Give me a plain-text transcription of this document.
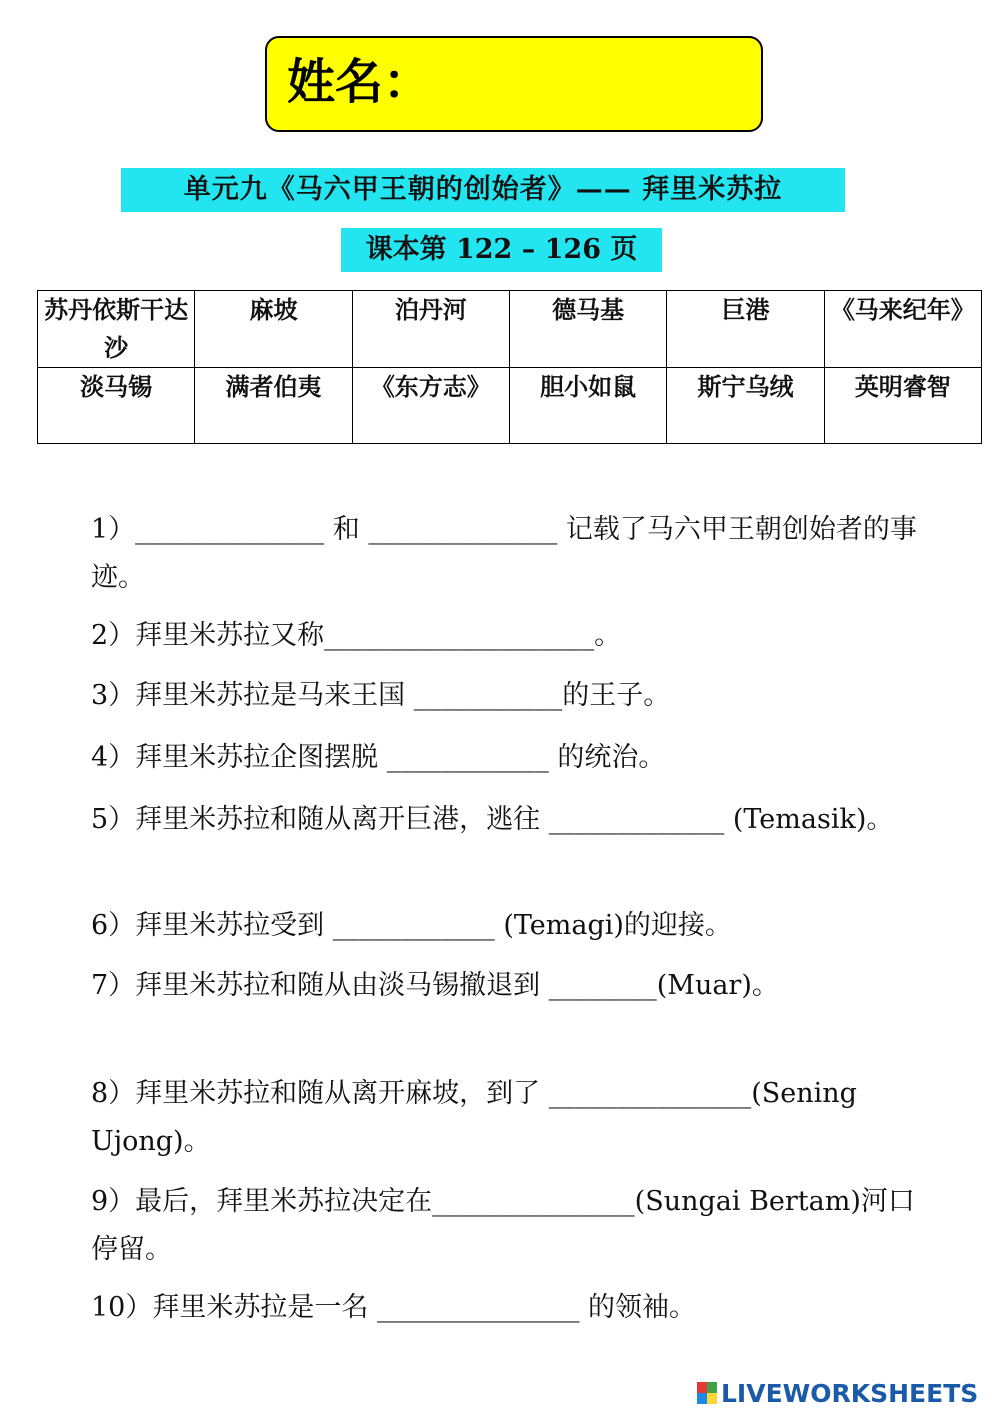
姓名：
单元九《马六甲王朝的创始者》—— 拜里米苏拉
课本第 122 – 126 页
苏丹依斯干达沙	麻坡	泊丹河	德马基	巨港	《马来纪年》
淡马锡	满者伯夷	《东方志》	胆小如鼠	斯宁乌绒	英明睿智
1）______________ 和 ______________ 记载了马六甲王朝创始者的事迹。
2）拜里米苏拉又称____________________。
3）拜里米苏拉是马来王国 ___________的王子。
4）拜里米苏拉企图摆脱 ____________ 的统治。
5）拜里米苏拉和随从离开巨港，逃往 _____________ (Temasik)。
6）拜里米苏拉受到 ____________ (Temagi)的迎接。
7）拜里米苏拉和随从由淡马锡撤退到 ________(Muar)。
8）拜里米苏拉和随从离开麻坡，到了 _______________(Sening Ujong)。
9）最后，拜里米苏拉决定在_______________(Sungai Bertam)河口停留。
10）拜里米苏拉是一名 _______________ 的领袖。
LIVEWORKSHEETS
